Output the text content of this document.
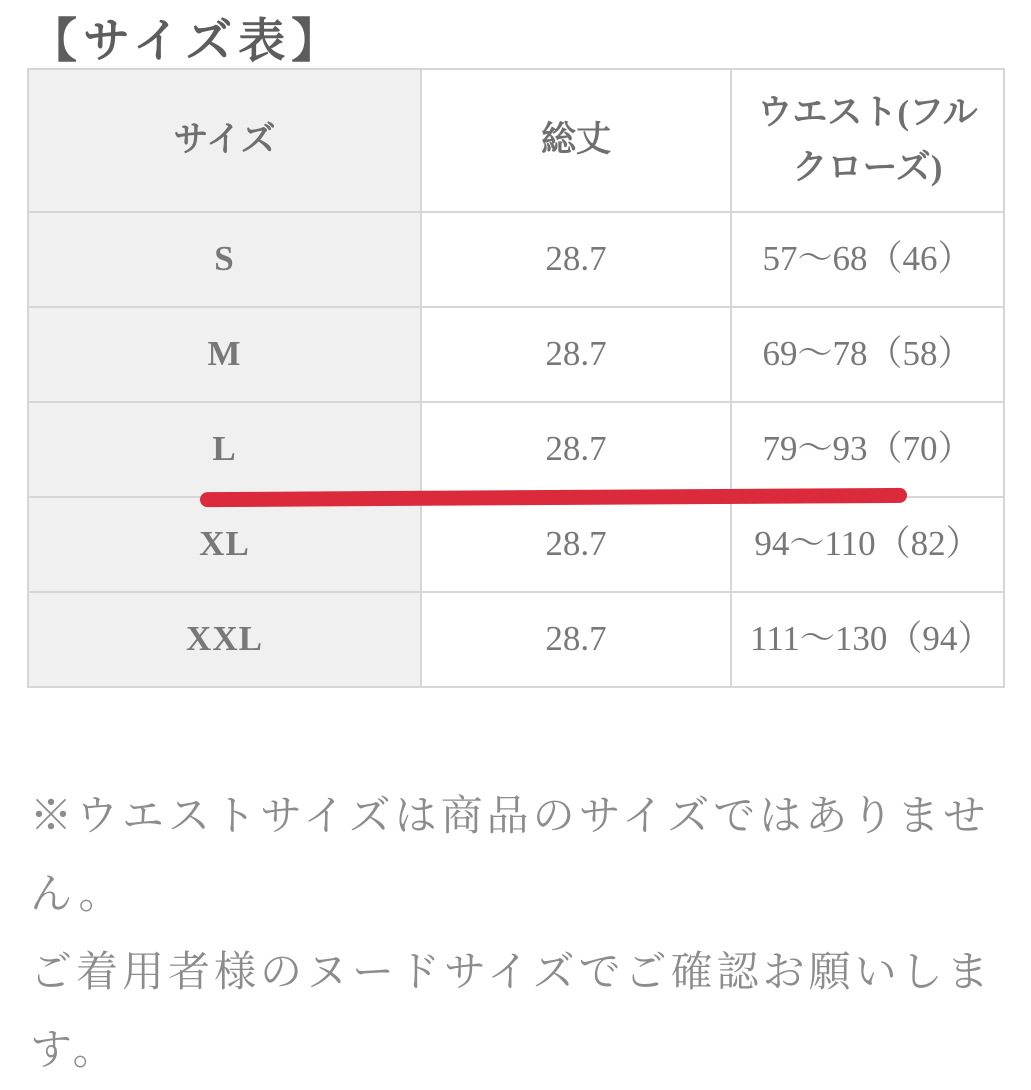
【サイズ表】
サイズ	総丈	ウエスト(フルクローズ)
S	28.7	57〜68（46）
M	28.7	69〜78（58）
L	28.7	79〜93（70）
XL	28.7	94〜110（82）
XXL	28.7	111〜130（94）

※ウエストサイズは商品のサイズではありません。

ご着用者様のヌードサイズでご確認お願いします。
